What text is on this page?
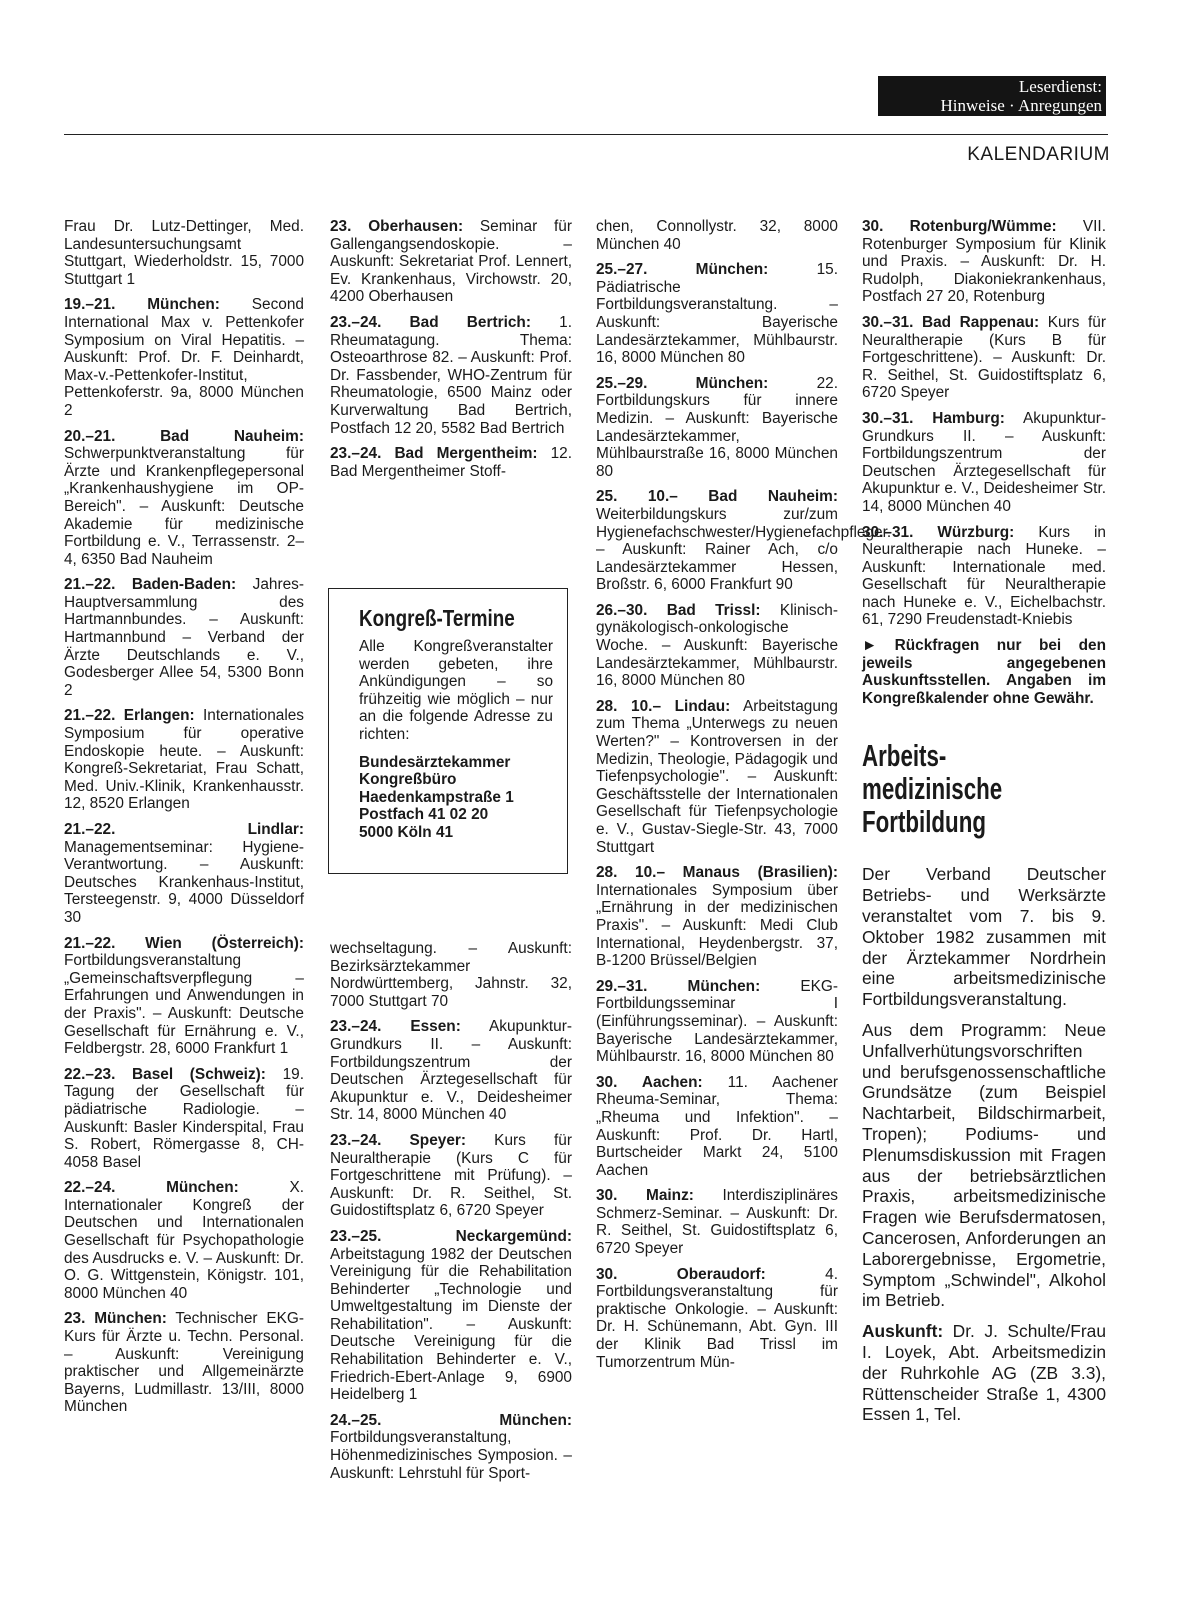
Leserdienst:
Hinweise · Anregungen
KALENDARIUM
Frau Dr. Lutz-Dettinger, Med. Landesuntersuchungsamt Stuttgart, Wiederholdstr. 15, 7000 Stuttgart 1
19.–21. München: Second International Max v. Pettenkofer Symposium on Viral Hepatitis. – Auskunft: Prof. Dr. F. Deinhardt, Max-v.-Pettenkofer-Institut, Pettenkoferstr. 9a, 8000 München 2
20.–21. Bad Nauheim: Schwerpunktveranstaltung für Ärzte und Krankenpflegepersonal „Krankenhaushygiene im OP-Bereich". – Auskunft: Deutsche Akademie für medizinische Fortbildung e. V., Terrassenstr. 2–4, 6350 Bad Nauheim
21.–22. Baden-Baden: Jahres-Hauptversammlung des Hartmannbundes. – Auskunft: Hartmannbund – Verband der Ärzte Deutschlands e. V., Godesberger Allee 54, 5300 Bonn 2
21.–22. Erlangen: Internationales Symposium für operative Endoskopie heute. – Auskunft: Kongreß-Sekretariat, Frau Schatt, Med. Univ.-Klinik, Krankenhausstr. 12, 8520 Erlangen
21.–22. Lindlar: Managementseminar: Hygiene-Verantwortung. – Auskunft: Deutsches Krankenhaus-Institut, Tersteegenstr. 9, 4000 Düsseldorf 30
21.–22. Wien (Österreich): Fortbildungsveranstaltung „Gemeinschaftsverpflegung – Erfahrungen und Anwendungen in der Praxis". – Auskunft: Deutsche Gesellschaft für Ernährung e. V., Feldbergstr. 28, 6000 Frankfurt 1
22.–23. Basel (Schweiz): 19. Tagung der Gesellschaft für pädiatrische Radiologie. – Auskunft: Basler Kinderspital, Frau S. Robert, Römergasse 8, CH-4058 Basel
22.–24. München: X. Internationaler Kongreß der Deutschen und Internationalen Gesellschaft für Psychopathologie des Ausdrucks e. V. – Auskunft: Dr. O. G. Wittgenstein, Königstr. 101, 8000 München 40
23. München: Technischer EKG-Kurs für Ärzte u. Techn. Personal. – Auskunft: Vereinigung praktischer und Allgemeinärzte Bayerns, Ludmillastr. 13/III, 8000 München
23. Oberhausen: Seminar für Gallengangsendoskopie. – Auskunft: Sekretariat Prof. Lennert, Ev. Krankenhaus, Virchowstr. 20, 4200 Oberhausen
23.–24. Bad Bertrich: 1. Rheumatagung. Thema: Osteoarthrose 82. – Auskunft: Prof. Dr. Fassbender, WHO-Zentrum für Rheumatologie, 6500 Mainz oder Kurverwaltung Bad Bertrich, Postfach 12 20, 5582 Bad Bertrich
23.–24. Bad Mergentheim: 12. Bad Mergentheimer Stoff-
Kongreß-Termine
Alle Kongreßveranstalter werden gebeten, ihre Ankündigungen – so frühzeitig wie möglich – nur an die folgende Adresse zu richten:
Bundesärztekammer
Kongreßbüro
Haedenkampstraße 1
Postfach 41 02 20
5000 Köln 41
wechseltagung. – Auskunft: Bezirksärztekammer Nordwürttemberg, Jahnstr. 32, 7000 Stuttgart 70
23.–24. Essen: Akupunktur-Grundkurs II. – Auskunft: Fortbildungszentrum der Deutschen Ärztegesellschaft für Akupunktur e. V., Deidesheimer Str. 14, 8000 München 40
23.–24. Speyer: Kurs für Neuraltherapie (Kurs C für Fortgeschrittene mit Prüfung). – Auskunft: Dr. R. Seithel, St. Guidostiftsplatz 6, 6720 Speyer
23.–25. Neckargemünd: Arbeitstagung 1982 der Deutschen Vereinigung für die Rehabilitation Behinderter „Technologie und Umweltgestaltung im Dienste der Rehabilitation". – Auskunft: Deutsche Vereinigung für die Rehabilitation Behinderter e. V., Friedrich-Ebert-Anlage 9, 6900 Heidelberg 1
24.–25. München: Fortbildungsveranstaltung, Höhenmedizinisches Symposion. – Auskunft: Lehrstuhl für Sport-
chen, Connollystr. 32, 8000 München 40
25.–27. München: 15. Pädiatrische Fortbildungsveranstaltung. – Auskunft: Bayerische Landesärztekammer, Mühlbaurstr. 16, 8000 München 80
25.–29. München: 22. Fortbildungskurs für innere Medizin. – Auskunft: Bayerische Landesärztekammer, Mühlbaurstraße 16, 8000 München 80
25. 10.– Bad Nauheim: Weiterbildungskurs zur/zum Hygienefachschwester/Hygienefachpfleger. – Auskunft: Rainer Ach, c/o Landesärztekammer Hessen, Broßstr. 6, 6000 Frankfurt 90
26.–30. Bad Trissl: Klinisch-gynäkologisch-onkologische Woche. – Auskunft: Bayerische Landesärztekammer, Mühlbaurstr. 16, 8000 München 80
28. 10.– Lindau: Arbeitstagung zum Thema „Unterwegs zu neuen Werten?" – Kontroversen in der Medizin, Theologie, Pädagogik und Tiefenpsychologie". – Auskunft: Geschäftsstelle der Internationalen Gesellschaft für Tiefenpsychologie e. V., Gustav-Siegle-Str. 43, 7000 Stuttgart
28. 10.– Manaus (Brasilien): Internationales Symposium über „Ernährung in der medizinischen Praxis". – Auskunft: Medi Club International, Heydenbergstr. 37, B-1200 Brüssel/Belgien
29.–31. München: EKG-Fortbildungsseminar I (Einführungsseminar). – Auskunft: Bayerische Landesärztekammer, Mühlbaurstr. 16, 8000 München 80
30. Aachen: 11. Aachener Rheuma-Seminar, Thema: „Rheuma und Infektion". – Auskunft: Prof. Dr. Hartl, Burtscheider Markt 24, 5100 Aachen
30. Mainz: Interdisziplinäres Schmerz-Seminar. – Auskunft: Dr. R. Seithel, St. Guidostiftsplatz 6, 6720 Speyer
30. Oberaudorf: 4. Fortbildungsveranstaltung für praktische Onkologie. – Auskunft: Dr. H. Schünemann, Abt. Gyn. III der Klinik Bad Trissl im Tumorzentrum Mün-
30. Rotenburg/Wümme: VII. Rotenburger Symposium für Klinik und Praxis. – Auskunft: Dr. H. Rudolph, Diakoniekrankenhaus, Postfach 27 20, Rotenburg
30.–31. Bad Rappenau: Kurs für Neuraltherapie (Kurs B für Fortgeschrittene). – Auskunft: Dr. R. Seithel, St. Guidostiftsplatz 6, 6720 Speyer
30.–31. Hamburg: Akupunktur-Grundkurs II. – Auskunft: Fortbildungszentrum der Deutschen Ärztegesellschaft für Akupunktur e. V., Deidesheimer Str. 14, 8000 München 40
30.–31. Würzburg: Kurs in Neuraltherapie nach Huneke. – Auskunft: Internationale med. Gesellschaft für Neuraltherapie nach Huneke e. V., Eichelbachstr. 61, 7290 Freudenstadt-Kniebis
► Rückfragen nur bei den jeweils angegebenen Auskunftsstellen. Angaben im Kongreßkalender ohne Gewähr.
Arbeits-
medizinische
Fortbildung

Der Verband Deutscher Betriebs- und Werksärzte veranstaltet vom 7. bis 9. Oktober 1982 zusammen mit der Ärztekammer Nordrhein eine arbeitsmedizinische Fortbildungsveranstaltung.

Aus dem Programm: Neue Unfallverhütungsvorschriften und berufsgenossenschaftliche Grundsätze (zum Beispiel Nachtarbeit, Bildschirmarbeit, Tropen); Podiums- und Plenumsdiskussion mit Fragen aus der betriebsärztlichen Praxis, arbeitsmedizinische Fragen wie Berufsdermatosen, Cancerosen, Anforderungen an Laborergebnisse, Ergometrie, Symptom „Schwindel", Alkohol im Betrieb.

Auskunft: Dr. J. Schulte/Frau I. Loyek, Abt. Arbeitsmedizin der Ruhrkohle AG (ZB 3.3), Rüttenscheider Straße 1, 4300 Essen 1, Tel.
